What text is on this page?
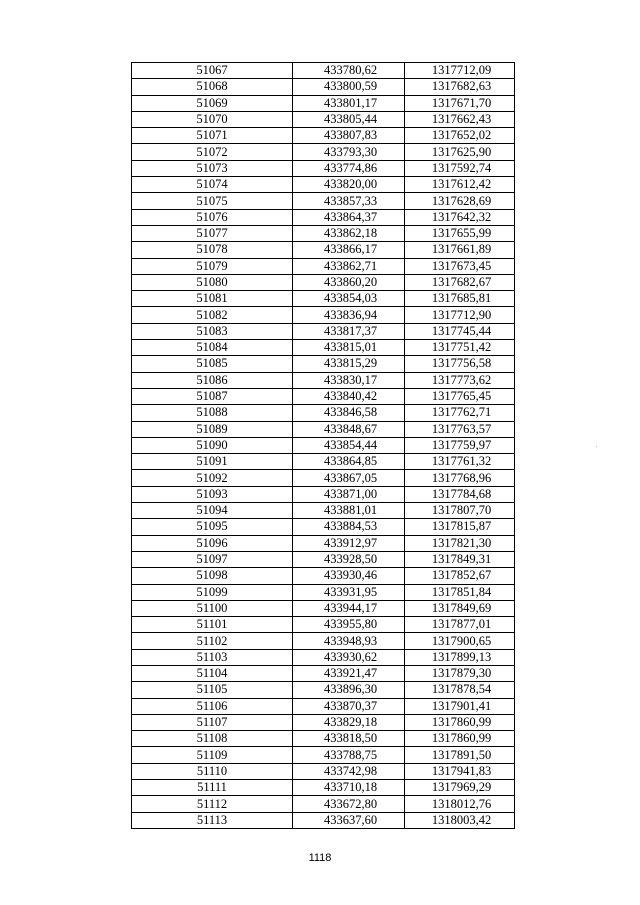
51067	433780,62	1317712,09
51068	433800,59	1317682,63
51069	433801,17	1317671,70
51070	433805,44	1317662,43
51071	433807,83	1317652,02
51072	433793,30	1317625,90
51073	433774,86	1317592,74
51074	433820,00	1317612,42
51075	433857,33	1317628,69
51076	433864,37	1317642,32
51077	433862,18	1317655,99
51078	433866,17	1317661,89
51079	433862,71	1317673,45
51080	433860,20	1317682,67
51081	433854,03	1317685,81
51082	433836,94	1317712,90
51083	433817,37	1317745,44
51084	433815,01	1317751,42
51085	433815,29	1317756,58
51086	433830,17	1317773,62
51087	433840,42	1317765,45
51088	433846,58	1317762,71
51089	433848,67	1317763,57
51090	433854,44	1317759,97
51091	433864,85	1317761,32
51092	433867,05	1317768,96
51093	433871,00	1317784,68
51094	433881,01	1317807,70
51095	433884,53	1317815,87
51096	433912,97	1317821,30
51097	433928,50	1317849,31
51098	433930,46	1317852,67
51099	433931,95	1317851,84
51100	433944,17	1317849,69
51101	433955,80	1317877,01
51102	433948,93	1317900,65
51103	433930,62	1317899,13
51104	433921,47	1317879,30
51105	433896,30	1317878,54
51106	433870,37	1317901,41
51107	433829,18	1317860,99
51108	433818,50	1317860,99
51109	433788,75	1317891,50
51110	433742,98	1317941,83
51111	433710,18	1317969,29
51112	433672,80	1318012,76
51113	433637,60	1318003,42
1118
